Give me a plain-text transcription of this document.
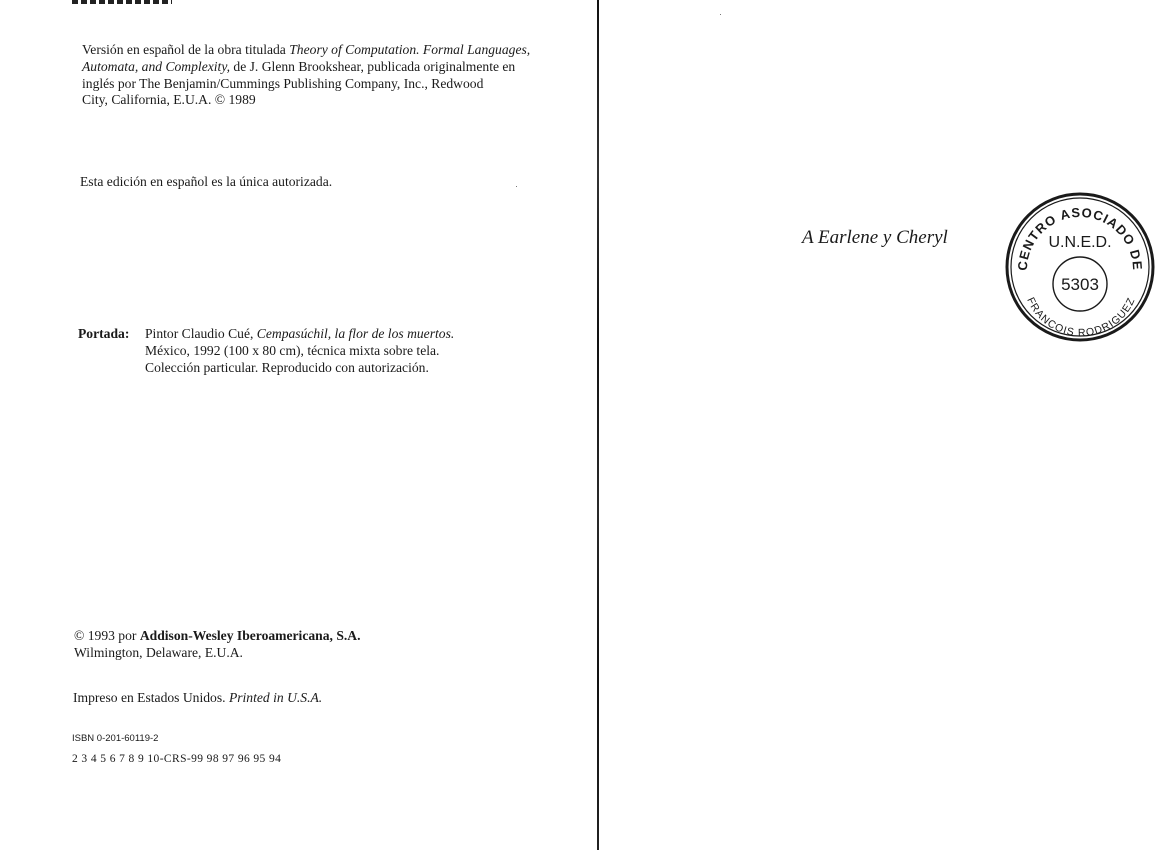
Versión en español de la obra titulada Theory of Computation. Formal Languages,

Automata, and Complexity, de J. Glenn Brookshear, publicada originalmente en

inglés por The Benjamin/Cummings Publishing Company, Inc., Redwood

City, California, E.U.A. © 1989

Esta edición en español es la única autorizada.

Portada: Pintor Claudio Cué, Cempasúchil, la flor de los muertos.

México, 1992 (100 x 80 cm), técnica mixta sobre tela.

Colección particular. Reproducido con autorización.

© 1993 por Addison-Wesley Iberoamericana, S.A.

Wilmington, Delaware, E.U.A.

Impreso en Estados Unidos. Printed in U.S.A.

ISBN 0-201-60119-2
2 3 4 5 6 7 8 9 10-CRS-99 98 97 96 95 94
A Earlene y Cheryl
CENTRO ASOCIADO DE
U.N.E.D.
5303
FRANCOIS RODRIGUEZ
